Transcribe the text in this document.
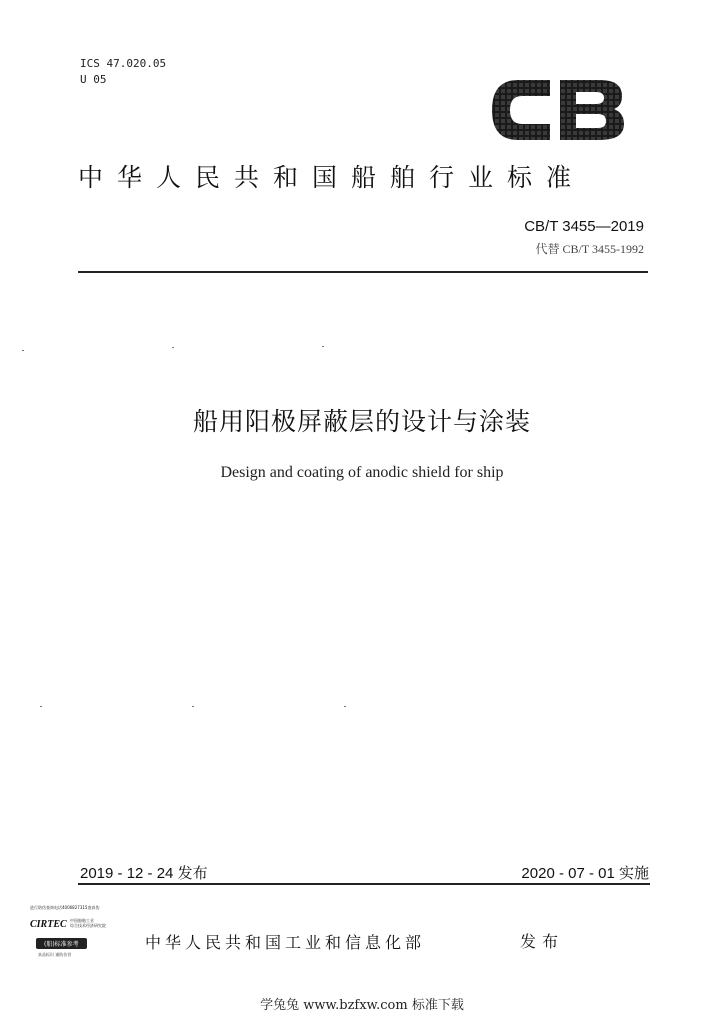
ICS 47.020.05
U 05
CB
中华人民共和国船舶行业标准
CB/T 3455—2019
代替 CB/T 3455-1992
船用阳极屏蔽层的设计与涂装
Design and coating of anodic shield for ship
2019 - 12 - 24 发布	2020 - 07 - 01 实施
进行防伪查询电话4006827315查真伪
CIRTEC 中国船舶工业
综合技术经济研究院
(船)标准参考
真品标识 谨防仿冒
中华人民共和国工业和信息化部	发布
学兔兔 www.bzfxw.com 标准下载
